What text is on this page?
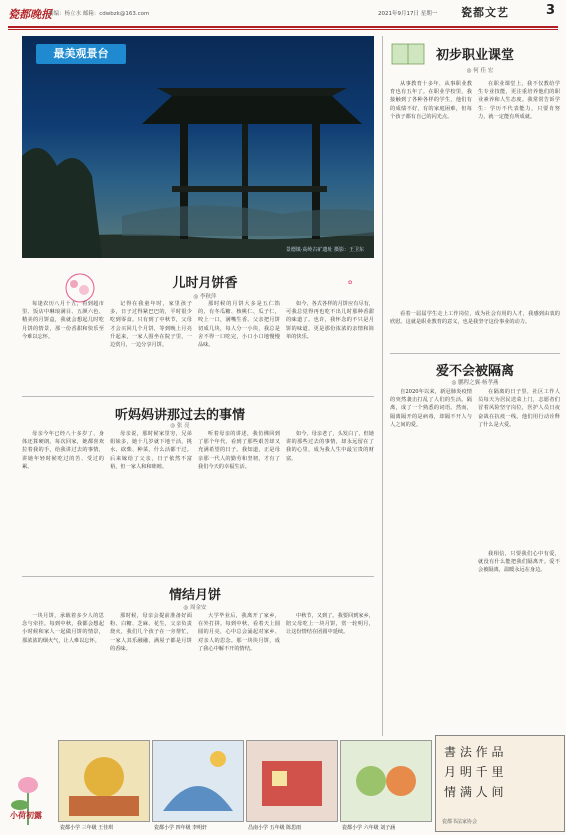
瓷都晚报
责编：杨立水 邮箱：cdwbzk@163.com	2021年9月17日 星期一 瓷都文艺	3
最美观景台
景德镇·高岭古矿遗址 摄影：王卫东
儿时月饼香
◎ 李秋萍
✿
每逢农历八月十五，看到超市里、饭店中琳琅满目、五颜六色、精美的月饼盒，我就会想起儿时吃月饼的情景，那一份香甜和快乐至今难以忘怀。
记得在我童年时，家里孩子多，日子过得紧巴巴的，平时很少吃到零食。只有到了中秋节，父母才会买回几个月饼，等到晚上月亮升起来，一家人围坐在院子里，一边赏月，一边分享月饼。
那时候的月饼大多是五仁馅的，有冬瓜糖、核桃仁、瓜子仁，咬上一口，满嘴生香。父亲把月饼切成几块，每人分一小块，我总是舍不得一口吃完，小口小口地慢慢品味。
如今，各式各样的月饼应有尽有，可我总觉得再也吃不出儿时那种香甜的味道了。也许，我怀念的不只是月饼的味道，更是那份浓浓的亲情和简单的快乐。
听妈妈讲那过去的事情
◎ 张 亮
母亲今年已经八十多岁了，身体还算硬朗。每次回家，她都喜欢拉着我的手，给我讲过去的事情，讲她年轻时候吃过的苦、受过的累。
母亲说，那时候家里穷，兄弟姐妹多，她十几岁就下地干活，挑水、砍柴、种菜，什么活都干过。后来嫁给了父亲，日子依然不富裕，但一家人和和睦睦。
听着母亲的讲述，我仿佛回到了那个年代，看到了那些艰苦却又充满希望的日子。我知道，正是母亲那一代人的勤劳和坚韧，才有了我们今天的幸福生活。
如今，母亲老了，头发白了，但她讲的那些过去的事情，却永远留在了我的心里，成为我人生中最宝贵的财富。
情结月饼
◎ 周金安
一块月饼，承载着多少人的思念与牵挂。每到中秋，我都会想起小时候和家人一起做月饼的情景，那浓浓的烟火气，让人难以忘怀。
那时候，母亲会提前准备好面粉、白糖、芝麻、花生，父亲负责烧火，我们几个孩子在一旁帮忙，一家人其乐融融，满屋子都是月饼的香味。
大学毕业后，我离开了家乡，在外打拼。每到中秋，看着天上圆圆的月亮，心中总会涌起对家乡、对亲人的思念。那一块块月饼，成了我心中解不开的情结。
中秋节，又到了。我要回到家乡，陪父母吃上一块月饼，赏一轮明月，让这份情结在团圆中延续。
初步职业课堂
◎ 何 佳 宏
从事教育十多年，从事职业教育也有五年了。在职业学校里，我接触到了各种各样的学生，他们有的成绩不好，有的家庭困难，但每个孩子都有自己的闪光点。
在职业课堂上，我不仅教给学生专业技能，更注重培养他们的职业素养和人生态度。我常常告诉学生：学历不代表能力，只要肯努力，就一定能有所成就。
看着一届届学生走上工作岗位，成为社会有用的人才，我感到由衷的欣慰。这就是职业教育的意义，也是我坚守这份事业的动力。
爱不会被隔离
◎ 鹏程之翼·杨孝燕
自2020年以来，新冠肺炎疫情的突然袭击打乱了人们的生活。隔离，成了一个熟悉的词语。然而，隔离隔开的是病毒，却隔不开人与人之间的爱。
在隔离的日子里，社区工作人员每天为居民送菜上门，志愿者们冒着风险坚守岗位，医护人员日夜奋战在抗疫一线。他们用行动诠释了什么是大爱。
我相信，只要我们心中有爱，就没有什么能把我们隔离开。爱不会被隔离，温暖永远在身边。
小荷初露
瓷都小学 三年级 王佳琪	瓷都小学 四年级 李明轩	昌南小学 五年级 陈思雨	瓷都小学 六年级 刘子涵
書 法 作 品
月 明 千 里
情 满 人 间
瓷都书法家协会
